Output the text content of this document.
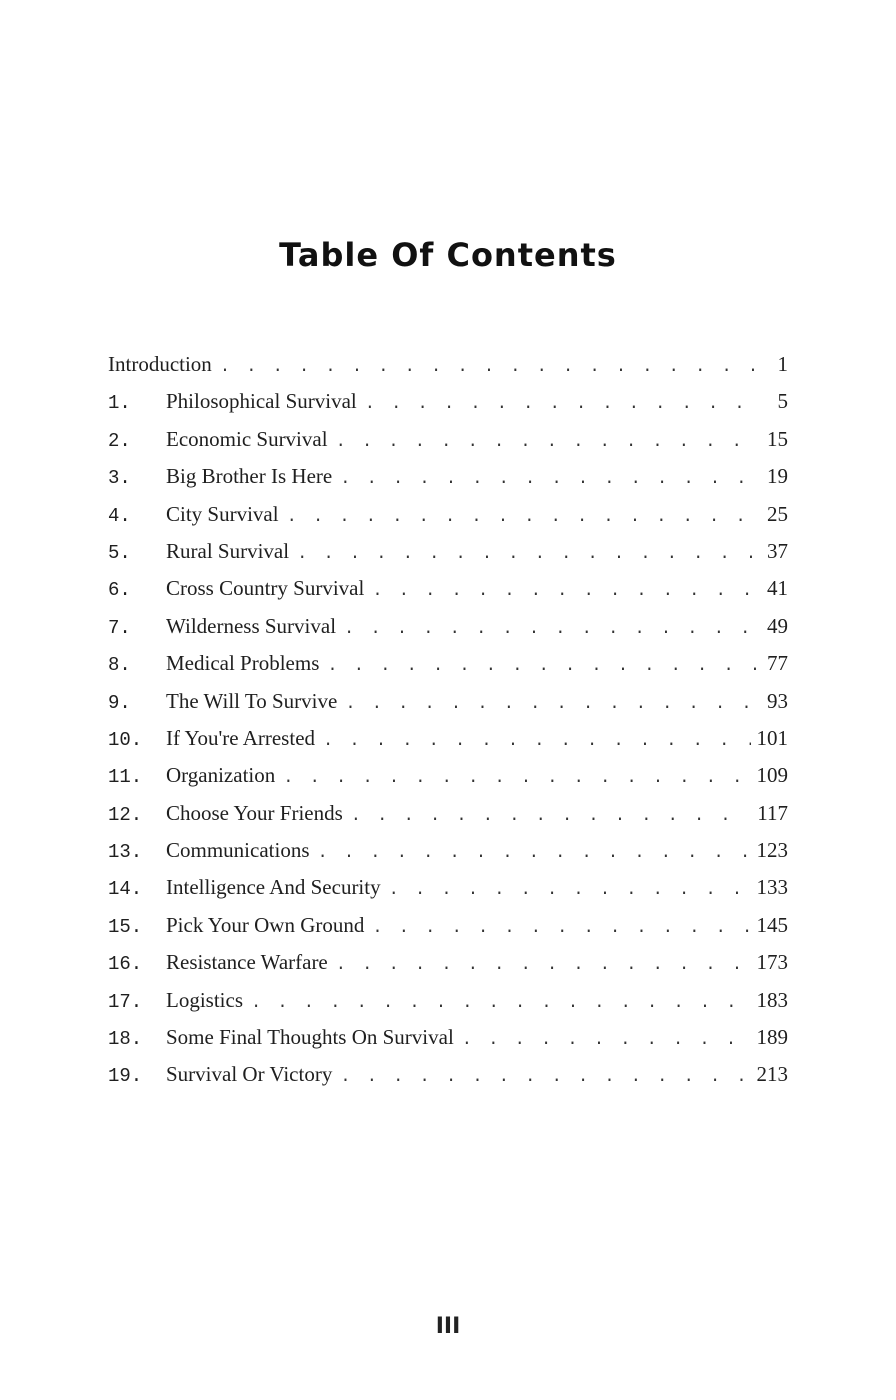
Table Of Contents
Introduction . . .	1
1.	Philosophical Survival . . .	5
2.	Economic Survival . . .	15
3.	Big Brother Is Here . . .	19
4.	City Survival . . .	25
5.	Rural Survival . . .	37
6.	Cross Country Survival . . .	41
7.	Wilderness Survival . . .	49
8.	Medical Problems . . .	77
9.	The Will To Survive . . .	93
10.	If You're Arrested . . .	101
11.	Organization . . .	109
12.	Choose Your Friends . . .	117
13.	Communications . . .	123
14.	Intelligence And Security . . .	133
15.	Pick Your Own Ground . . .	145
16.	Resistance Warfare . . .	173
17.	Logistics . . .	183
18.	Some Final Thoughts On Survival . . .	189
19.	Survival Or Victory . . .	213
III
